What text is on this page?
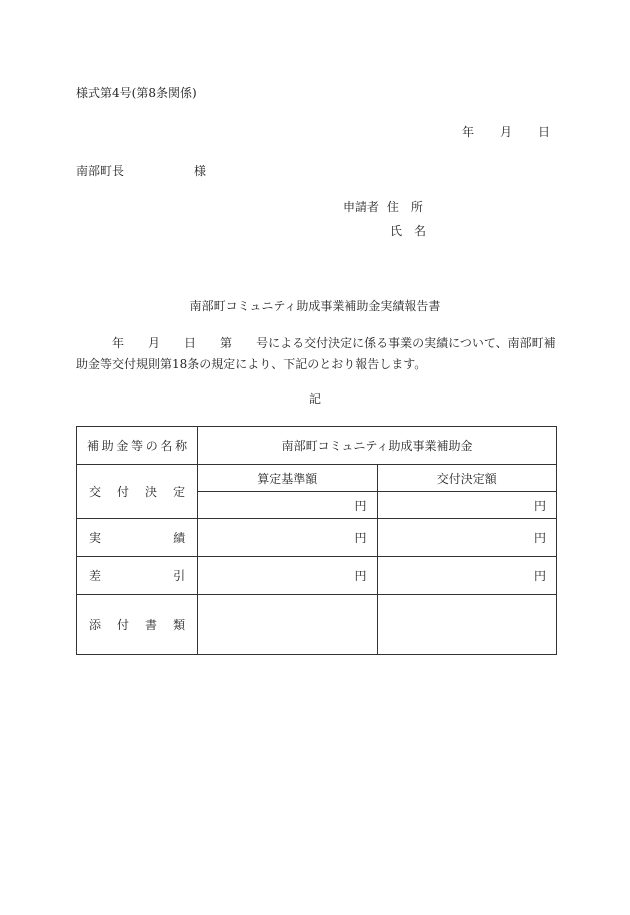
様式第4号(第8条関係)
年 月 日
南部町長	様
申請者 住　所
氏　名
南部町コミュニティ助成事業補助金実績報告書
年 月 日 第 号による交付決定に係る事業の実績について、南部町補助金等交付規則第18条の規定により、下記のとおり報告します。
記
補助金等の名称	南部町コミュニティ助成事業補助金	
交付決定	算定基準額	交付決定額
	円	円
実績	円	円
差引	円	円
添付書類		
